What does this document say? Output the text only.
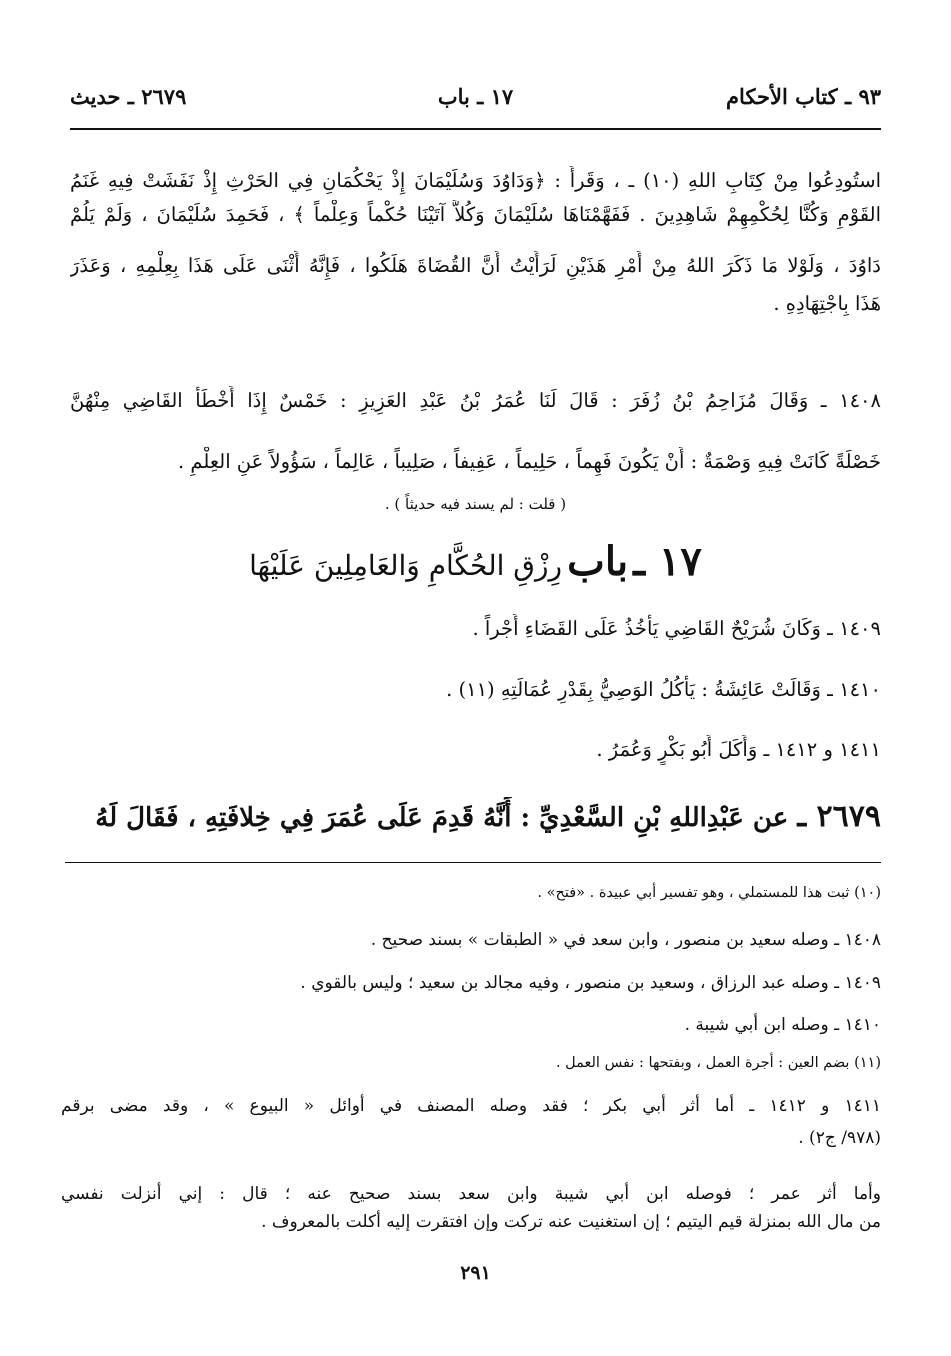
٩٣ ـ كتاب الأحكام
١٧ ـ باب
٢٦٧٩ ـ حديث
استُودِعُوا مِنْ كِتَابِ اللهِ (١٠) ـ ، وَقَرأَ : ﴿وَدَاوُدَ وَسُلَيْمَانَ إِذْ يَحْكُمَانِ فِي الحَرْثِ إِذْ نَفَشَتْ فِيهِ غَنَمُ
القَوْمِ وَكُنَّا لِحُكْمِهِمْ شَاهِدِينَ . فَفَهَّمْنَاهَا سُلَيْمَانَ وَكُلاًّ آتَيْنَا حُكْماً وَعِلْماً ﴾ ، فَحَمِدَ سُلَيْمَانَ ، وَلَمْ يَلُمْ
دَاوُدَ ، وَلَوْلا مَا ذَكَرَ اللهُ مِنْ أَمْرِ هَذَيْنِ لَرَأَيْتُ أَنَّ القُضَاةَ هَلَكُوا ، فَإِنَّهُ أَثْنَى عَلَى هَذَا بِعِلْمِهِ ، وَعَذَرَ
هَذَا بِاجْتِهَادِهِ .
١٤٠٨ ـ وَقَالَ مُزَاحِمُ بْنُ زُفَرَ : قَالَ لَنَا عُمَرُ بْنُ عَبْدِ العَزِيزِ : خَمْسٌ إِذَا أَخْطَأَ القَاضِي مِنْهُنَّ
خَصْلَةً كَانَتْ فِيهِ وَصْمَةٌ : أَنْ يَكُونَ فَهِماً ، حَلِيماً ، عَفِيفاً ، صَلِيباً ، عَالِماً ، سَؤُولاً عَنِ العِلْمِ .
( قلت : لم يسند فيه حديثاً ) .
١٧ ـ باب رِزْقِ الحُكَّامِ وَالعَامِلِينَ عَلَيْهَا
١٤٠٩ ـ وَكَانَ شُرَيْحٌ القَاضِي يَأْخُذُ عَلَى القَضَاءِ أَجْراً .
١٤١٠ ـ وَقَالَتْ عَائِشَةُ : يَأْكُلُ الوَصِيُّ بِقَدْرِ عُمَالَتِهِ (١١) .
١٤١١ و ١٤١٢ ـ وَأَكَلَ أَبُو بَكْرٍ وَعُمَرُ .
٢٦٧٩ ـ عن عَبْدِاللهِ بْنِ السَّعْدِيِّ : أَنَّهُ قَدِمَ عَلَى عُمَرَ فِي خِلافَتِهِ ، فَقَالَ لَهُ
(١٠) ثبت هذا للمستملي ، وهو تفسير أبي عبيدة . «فتح» .
١٤٠٨ ـ وصله سعيد بن منصور ، وابن سعد في « الطبقات » بسند صحيح .
١٤٠٩ ـ وصله عبد الرزاق ، وسعيد بن منصور ، وفيه مجالد بن سعيد ؛ وليس بالقوي .
١٤١٠ ـ وصله ابن أبي شيبة .
(١١) بضم العين : أجرة العمل ، وبفتحها : نفس العمل .
١٤١١ و ١٤١٢ ـ أما أثر أبي بكر ؛ فقد وصله المصنف في أوائل « البيوع » ، وقد مضى برقم
(٩٧٨/ ج٢) .
وأما أثر عمر ؛ فوصله ابن أبي شيبة وابن سعد بسند صحيح عنه ؛ قال : إني أنزلت نفسي
من مال الله بمنزلة قيم اليتيم ؛ إن استغنيت عنه تركت وإن افتقرت إليه أكلت بالمعروف .
٢٩١
